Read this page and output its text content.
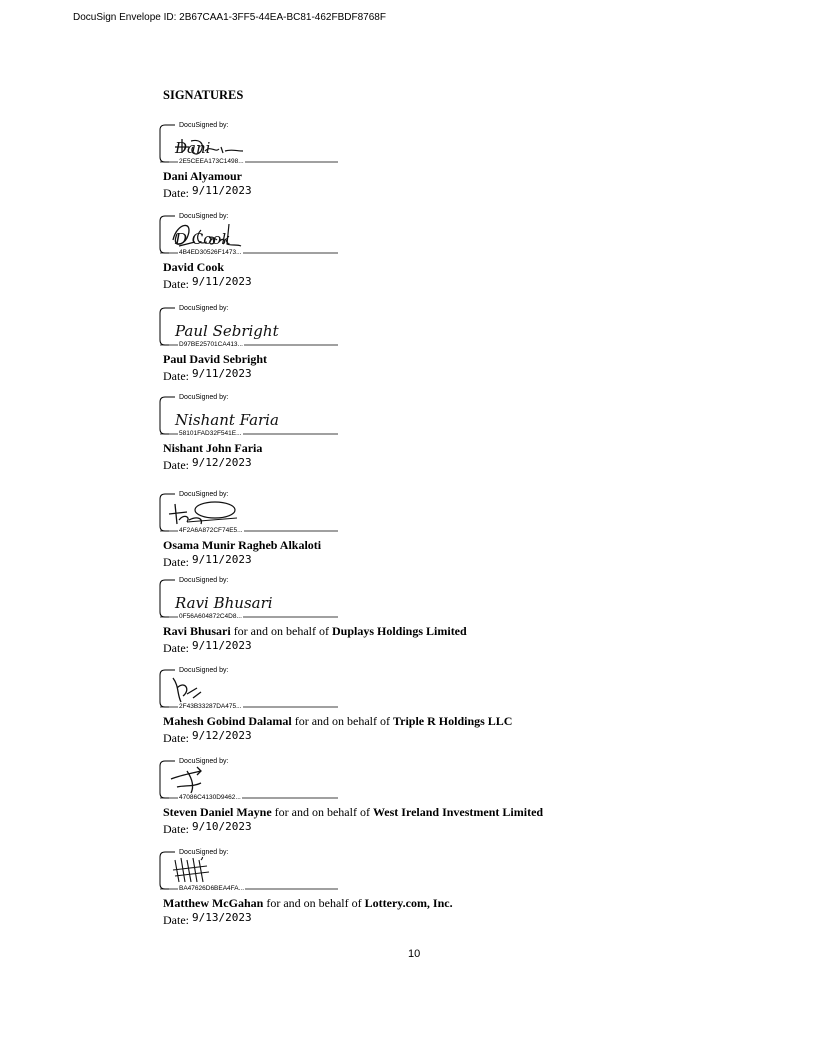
DocuSign Envelope ID: 2B67CAA1-3FF5-44EA-BC81-462FBDF8768F
SIGNATURES
Dani
DocuSigned by:
2E5CEEA173C1498...
Dani Alyamour
Date: 9/11/2023
D Cook
DocuSigned by:
4B4ED30526F1473...
David Cook
Date: 9/11/2023
Paul Sebright
DocuSigned by:
D97BE25701CA413...
Paul David Sebright
Date: 9/11/2023
Nishant Faria
DocuSigned by:
58101FAD32F541E...
Nishant John Faria
Date: 9/12/2023
DocuSigned by:
4F2A6A872CF74E5...
Osama Munir Ragheb Alkaloti
Date: 9/11/2023
Ravi Bhusari
DocuSigned by:
0F56A604872C4D8...
Ravi Bhusari for and on behalf of Duplays Holdings Limited
Date: 9/11/2023
DocuSigned by:
2F43B33287DA475...
Mahesh Gobind Dalamal for and on behalf of Triple R Holdings LLC
Date: 9/12/2023
DocuSigned by:
47086C4130D9462...
Steven Daniel Mayne for and on behalf of West Ireland Investment Limited
Date: 9/10/2023
DocuSigned by:
BA47626D6BEA4FA...
Matthew McGahan for and on behalf of Lottery.com, Inc.
Date: 9/13/2023
10
